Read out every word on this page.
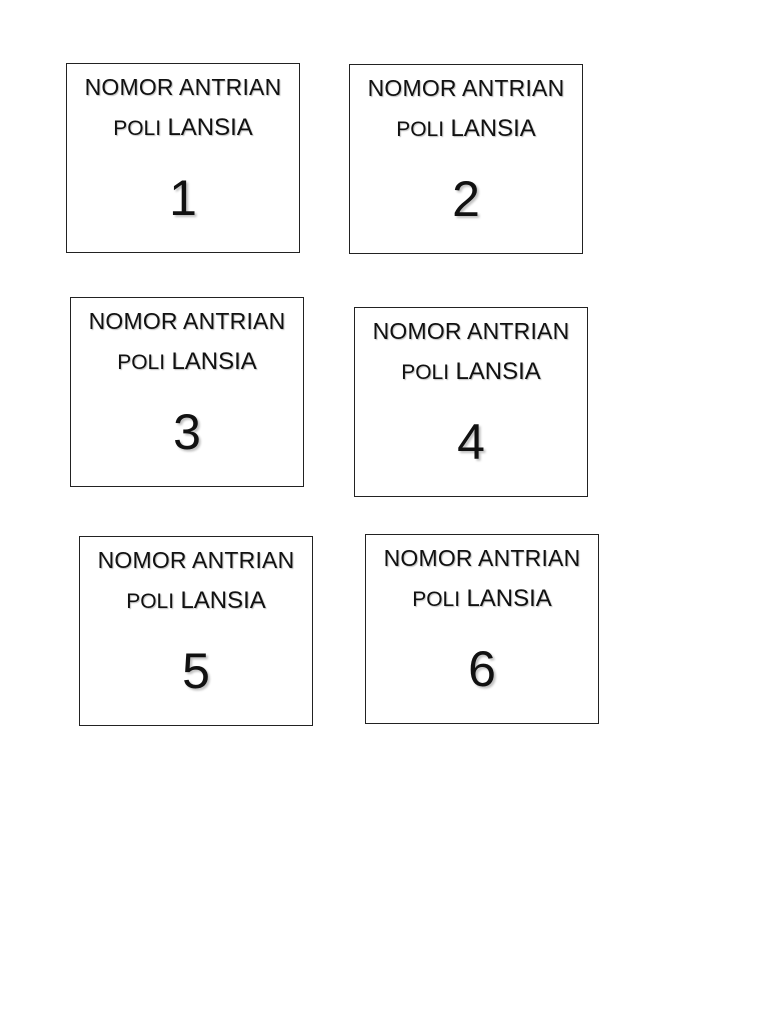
NOMOR ANTRIAN
POLI LANSIA
1
NOMOR ANTRIAN
POLI LANSIA
2
NOMOR ANTRIAN
POLI LANSIA
3
NOMOR ANTRIAN
POLI LANSIA
4
NOMOR ANTRIAN
POLI LANSIA
5
NOMOR ANTRIAN
POLI LANSIA
6
